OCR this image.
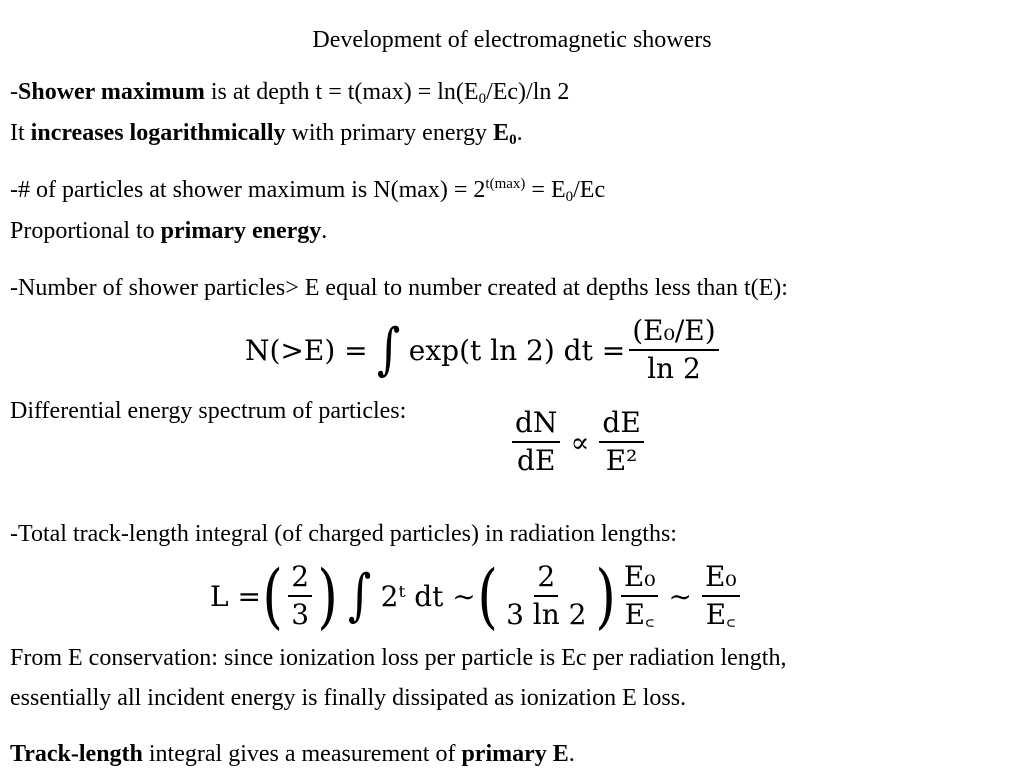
Development of electromagnetic showers
-Shower maximum is at depth $t = t(\max) = \ln(E_0/Ec)/\ln$ 2
It increases logarithmically with primary energy $E_0$.
-# of particles at shower maximum is $N(\max) = 2^{t(max)} = E_0/Ec$
Proportional to primary energy.
-Number of shower particles> E equal to number created at depths less than t(E):
N(>E) = ∫ exp(t ln 2) dt = $\frac{\text{(E₀/E)}}{\ln 2}$
Differential energy spectrum of particles:	$\frac{dN}{dE} \propto \frac{dE}{\text{E²}}$
-Total track-length integral (of charged particles) in radiation lengths:
L = ( $\frac{2}{3}$ ) ∫ 2ᵗ dt ∼ ( $\frac{2}{3 \ln 2}$ ) $\frac{\text{E₀}}{E꜀}$ ∼ $\frac{\text{E₀}}{E꜀}$
From E conservation: since ionization loss per particle is Ec per radiation length,
essentially all incident energy is finally dissipated as ionization E loss.
Track-length integral gives a measurement of primary E.
